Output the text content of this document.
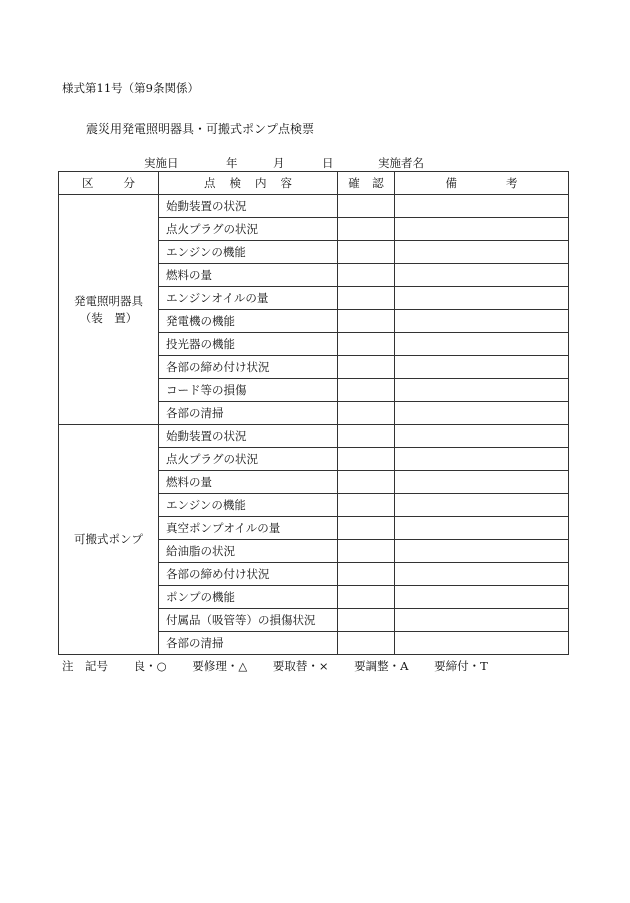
様式第11号（第9条関係）
震災用発電照明器具・可搬式ポンプ点検票
実施日	年	月	日	実施者名
区 分	点 検 内 容	確 認	備 考

発電照明器具
（装　置）	始動装置の状況		
	点火プラグの状況		
	エンジンの機能		
	燃料の量		
	エンジンオイルの量		
	発電機の機能		
	投光器の機能		
	各部の締め付け状況		
	コード等の損傷		
	各部の清掃		

可搬式ポンプ	始動装置の状況		
	点火プラグの状況		
	燃料の量		
	エンジンの機能		
	真空ポンプオイルの量		
	給油脂の状況		
	各部の締め付け状況		
	ポンプの機能		
	付属品（吸管等）の損傷状況		
	各部の清掃		
注　記号 良・○ 要修理・△ 要取替・× 要調整・A 要締付・T
